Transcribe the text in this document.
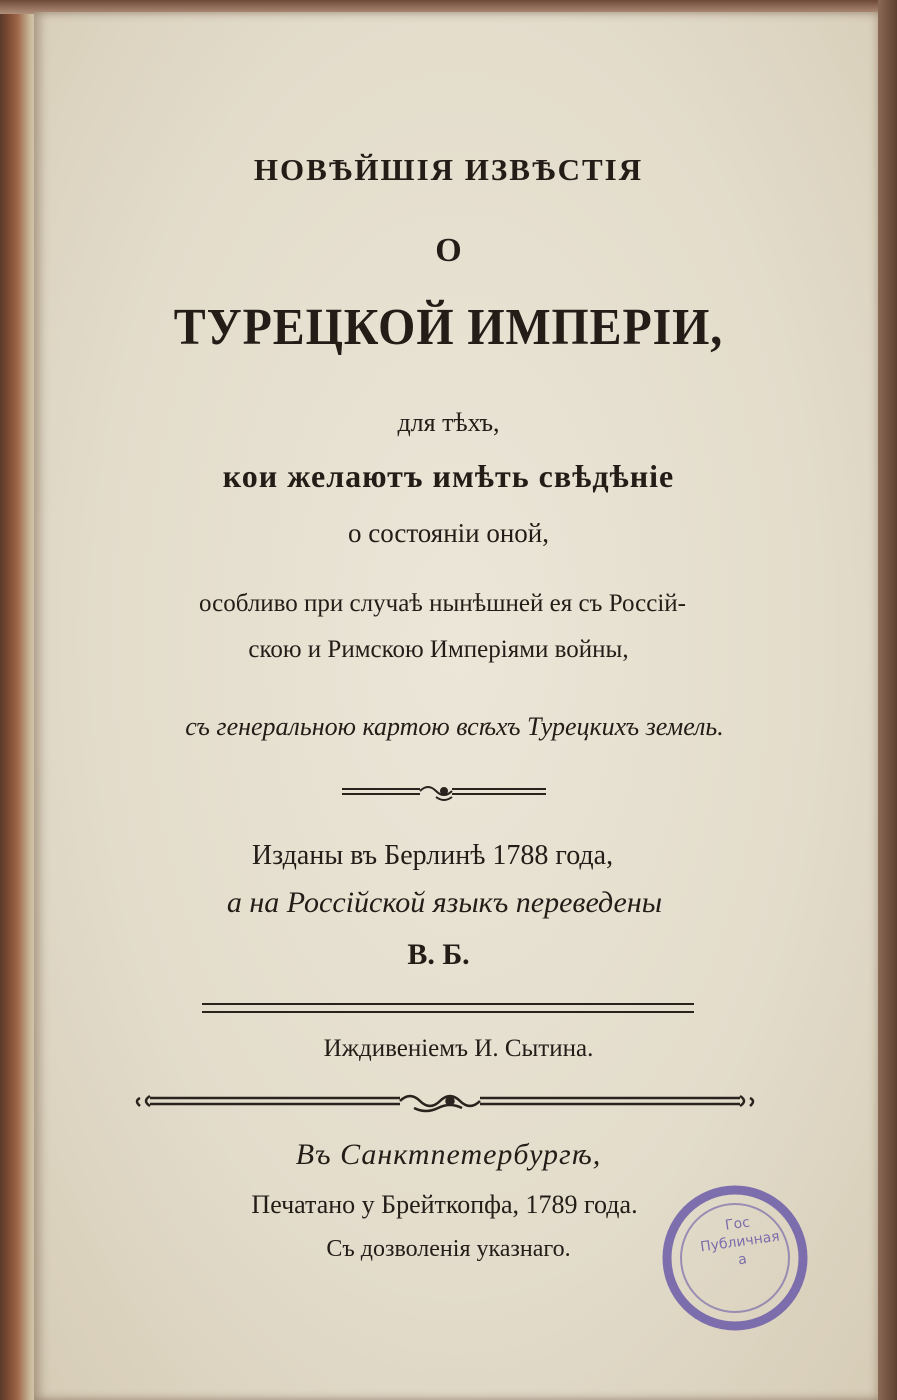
НОВѢЙШІЯ ИЗВѢСТІЯ
О
ТУРЕЦКОЙ ИМПЕРІИ,
для тѣхъ,
кои желаютъ имѣть свѣдѣніе
о состояніи оной,
особливо при случаѣ нынѣшней ея съ Россій-
скою и Римскою Имперіями войны,
съ генеральною картою всѣхъ Турецкихъ земель.
Изданы въ Берлинѣ 1788 года,
а на Россійской языкъ переведены
В. Б.
Иждивеніемъ И. Сытина.
Въ Санктпетербургѣ,
Печатано у Брейткопфа, 1789 года.
Съ дозволенія указнаго.
Гос
Публичная
а
